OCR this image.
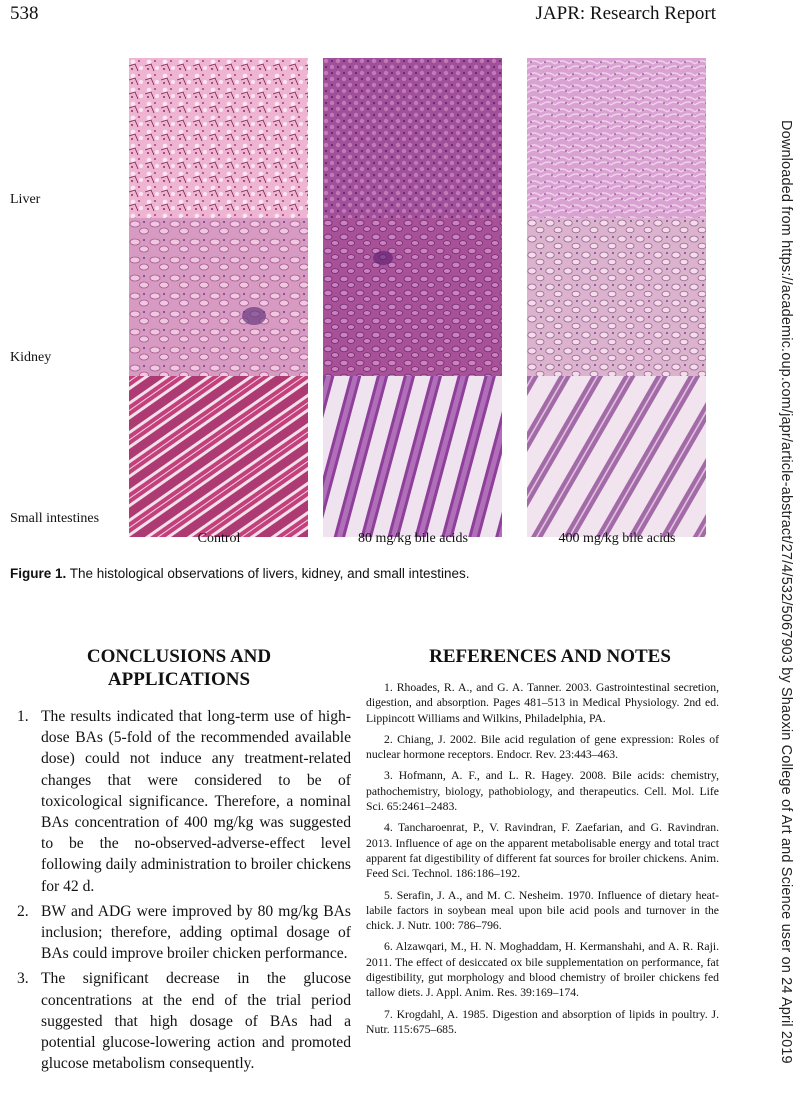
538	JAPR: Research Report
Downloaded from https://academic.oup.com/japr/article-abstract/27/4/532/5067903 by Shaoxin College of Art and Science user on 24 April 2019
Liver
Kidney
Small intestines
Control	80 mg/kg bile acids	400 mg/kg bile acids
Figure 1. The histological observations of livers, kidney, and small intestines.
CONCLUSIONS AND
APPLICATIONS
REFERENCES AND NOTES
1. The results indicated that long-term use of high-dose BAs (5-fold of the recommended available dose) could not induce any treatment-related changes that were considered to be of toxicological significance. Therefore, a nominal BAs concentration of 400 mg/kg was suggested to be the no-observed-adverse-effect level following daily administration to broiler chickens for 42 d.
2. BW and ADG were improved by 80 mg/kg BAs inclusion; therefore, adding optimal dosage of BAs could improve broiler chicken performance.
3. The significant decrease in the glucose concentrations at the end of the trial period suggested that high dosage of BAs had a potential glucose-lowering action and promoted glucose metabolism consequently.
1. Rhoades, R. A., and G. A. Tanner. 2003. Gastrointestinal secretion, digestion, and absorption. Pages 481–513 in Medical Physiology. 2nd ed. Lippincott Williams and Wilkins, Philadelphia, PA.
2. Chiang, J. 2002. Bile acid regulation of gene expression: Roles of nuclear hormone receptors. Endocr. Rev. 23:443–463.
3. Hofmann, A. F., and L. R. Hagey. 2008. Bile acids: chemistry, pathochemistry, biology, pathobiology, and therapeutics. Cell. Mol. Life Sci. 65:2461–2483.
4. Tancharoenrat, P., V. Ravindran, F. Zaefarian, and G. Ravindran. 2013. Influence of age on the apparent metabolisable energy and total tract apparent fat digestibility of different fat sources for broiler chickens. Anim. Feed Sci. Technol. 186:186–192.
5. Serafin, J. A., and M. C. Nesheim. 1970. Influence of dietary heat-labile factors in soybean meal upon bile acid pools and turnover in the chick. J. Nutr. 100: 786–796.
6. Alzawqari, M., H. N. Moghaddam, H. Kermanshahi, and A. R. Raji. 2011. The effect of desiccated ox bile supplementation on performance, fat digestibility, gut morphology and blood chemistry of broiler chickens fed tallow diets. J. Appl. Anim. Res. 39:169–174.
7. Krogdahl, A. 1985. Digestion and absorption of lipids in poultry. J. Nutr. 115:675–685.
